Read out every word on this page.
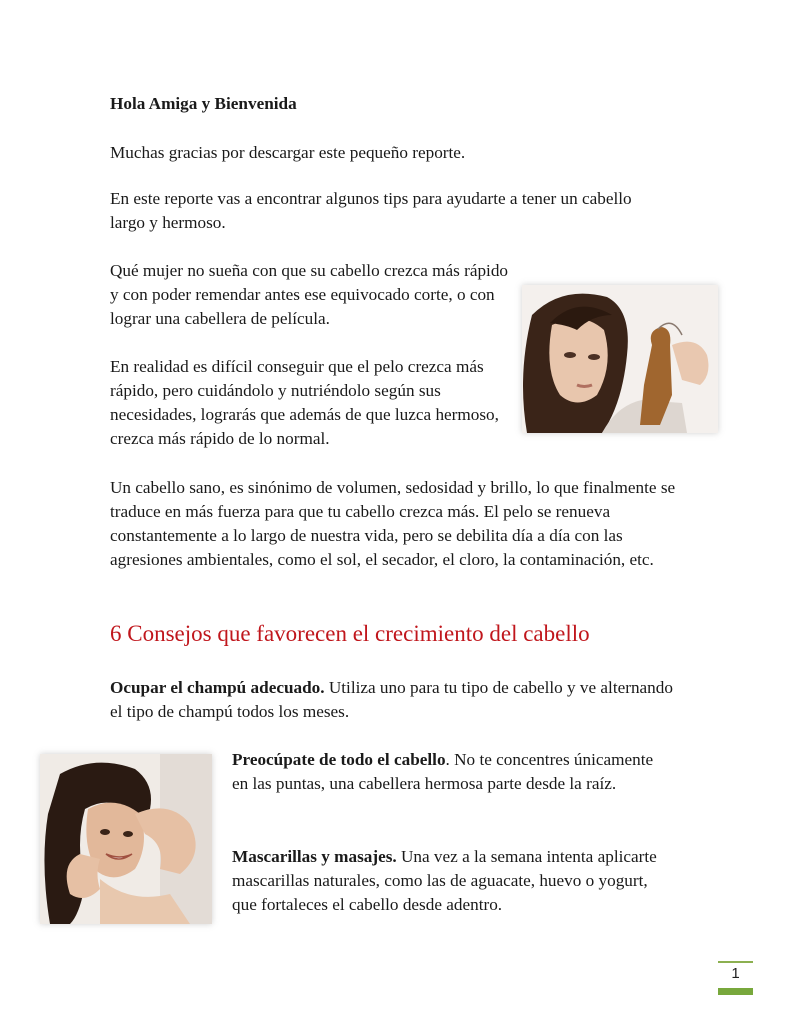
Hola Amiga y Bienvenida

Muchas gracias por descargar este pequeño reporte.

En este reporte vas a encontrar algunos tips para ayudarte a tener un cabello largo y hermoso.

Qué mujer no sueña con que su cabello crezca más rápido y con poder remendar antes ese equivocado corte, o con lograr una cabellera de película.

En realidad es difícil conseguir que el pelo crezca más rápido, pero cuidándolo y nutriéndolo según sus necesidades, lograrás que además de que luzca hermoso, crezca más rápido de lo normal.

Un cabello sano, es sinónimo de volumen, sedosidad y brillo, lo que finalmente se traduce en más fuerza para que tu cabello crezca más. El pelo se renueva constantemente a lo largo de nuestra vida, pero se debilita día a día con las agresiones ambientales, como el sol, el secador, el cloro, la contaminación, etc.

6 Consejos que favorecen el crecimiento del cabello

Ocupar el champú adecuado. Utiliza uno para tu tipo de cabello y ve alternando el tipo de champú todos los meses.

Preocúpate de todo el cabello. No te concentres únicamente en las puntas, una cabellera hermosa parte desde la raíz.

Mascarillas y masajes. Una vez a la semana intenta aplicarte mascarillas naturales, como las de aguacate, huevo o yogurt, que fortaleces el cabello desde adentro.

1
